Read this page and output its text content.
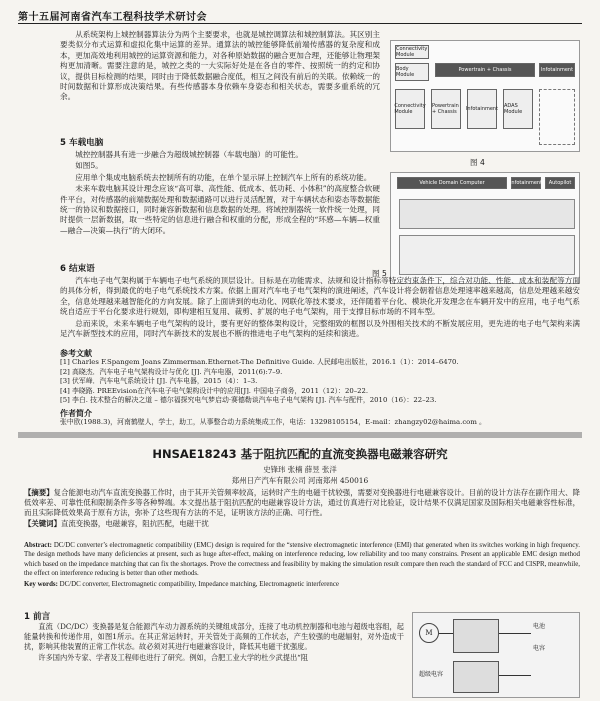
第十五届河南省汽车工程科技学术研讨会

从系统架构上城控制器算法分为两个主要要求，也就是城控调算法和城控制算法。其区别主要类似分布式运算和虚拟化集中运算的差异。通算法的城控能够降低前端传感器的复杂度和成本，更加高效地利用城控的运算资源和能力，对各种原始数据的融合更加合理，还能够让物理架构更加清晰。需要注意的是，城控之类的一大实际好处是在各自的零件、按照统一的约定和协议，提供目标检测的结果，同时由于降低数据融合度低，相互之间没有前后的关联。依赖统一的时间数据和计算形成决策结果。有些传感器本身依赖车身姿态和相关状态，需要多重系统的冗余。

5 车载电脑

城控控制器具有进一步融合为超级城控制器（车载电脑）的可能性。

如图5。

应用单个集成电脑系统去控制所有的功能，在单个显示屏上控制汽车上所有的系统功能。

未来车载电脑其设计理念应该“高可靠、高性能、低成本、低功耗、小体积”的高度整合软硬件平台，对传感器的前端数据处理和数据通路可以进行灵活配置，对于车辆状态和姿态等数据能统一的协议和数据接口，同时兼容新数据和信息数据的处理。将域控制器统一软件统一处理，同时提供一层新数据，取一些特定的信息进行融合和权重的分配，形成全程的“环感—车辆—权重—融合—决策—执行”的大闭环。

6 结束语
Connectivity Module
Body Module
Powertrain + Chassis	Infotainment
Connectivity Module
Powertrain + Chassis	Infotainment ADAS Module
图 4
Vehicle Domain Computer	Infotainment	Autopilot
图 5

汽车电子电气架构属于车辆电子电气系统的顶层设计。目标是在功能需求、法规和设计指标等特定约束条件下，综合对功能、性能、成本和装配等方面的具体分析，得到最优的电子电气系统技术方案。依据上面对汽车电子电气架构的演进阐述，汽车设计将会朝着信息处理速率越来越高，信息处理越来越安全，信息处理越来越智能化的方向发展。除了上面讲到的电动化、网联化等技术要求，还伴随着平台化、模块化开发理念在车辆开发中的应用，电子电气系统自适应于平台化要求进行规划，即构建相互复用、裁剪、扩展的电子电气架构，用于支撑目标市场的不同车型。

总而来说，未来车辆电子电气架构的设计，要有更好的整体架构设计，完整细致的框图以及外围相关技术的不断发展应用，更先进的电子电气架构来满足汽车新型技术的应用，同时汽车新技术的发展也不断的推进电子电气架构的延续和演进。

参考文献
[1] Charles F.Spangem Joans Zimmerman.Ethernet-The Definitive Guide. 人民邮电出版社，2016.1（1）：2014–6470.
[2] 高晓杰．汽车电子电气架构设计与优化 [J]. 汽车电器，2011(6):7–9.
[3] 伏军峰．汽车电气系统设计 [J]. 汽车电器，2015（4）：1–3.
[4] 李晓路. PREEvision在汽车电子电气架构设计中的应用[J]. 中国电子商务，2011（12）：20–22.
[5] 李白. 技术整合的解决之道 – 德尔福探究电气梦启动·赛德勒谈汽车电子电气架构 [J]. 汽车与配件，2010（16）：22–23.
作者简介
张中欧(1988.3)，河南鹤壁人，学士，助工，从事整合动力系统集成工作，电话：13298105154，E-mail：zhangzy02@haima.com 。
HNSAE18243 基于阻抗匹配的直流变换器电磁兼容研究
史锋玮 张楠 薛昱 张洋
郑州日产汽车有限公司 河南郑州 450016

【摘要】复合能源电动汽车直流变换器工作时，由于其开关管频率较高，运转时产生的电磁干扰较强，需要对变换器进行电磁兼容设计。目前的设计方法存在副作用大、降低效率差、可靠性低和限制条件多等各种弊端。本文提出基于阻抗匹配的电磁兼容设计方法，通过仿真进行对比验证，设计结果不仅满足国家及国际相关电磁兼容性标准，而且实际降低效果高于原有方法，弥补了这些现有方法的不足，证明该方法的正确、可行性。

【关键词】直流变换器，电磁兼容，阻抗匹配，电磁干扰

Abstract: DC/DC converter’s electromagnetic compatibility (EMC) design is required for the “stensive electromagnetic interference (EMI) that generated when its switches working in high frequency. The design methods have many deficiencies at present, such as huge after-effect, making on interference reducing, low reliability and too many constrains. Present an applicable EMC design method which based on the impedance matching that can fix the shortages. Prove the correctness and feasibility by making the simulation result compare then reach the standard of FCC and CISPR, meanwhile, the effect on interference reducing is better than other methods.

Key words: DC/DC converter, Electromagnetic compatibility, Impedance matching, Electromagnetic interference

1 前言

直流（DC/DC）变换器是复合能源汽车动力源系统的关键组成部分，连接了电动机控制器和电池与超级电容组，起能量转换和传递作用，如图1所示。在其正常运转时，开关管处于高频的工作状态，产生较强的电磁辐射，对外造成干扰，影响其他装置的正常工作状态。故必须对其进行电磁兼容设计，降低其电磁干扰强度。

许多国内外专家、学者及工程师也进行了研究。例如，合肥工业大学的杜少武提出“阻

M
电池
电容
超级电容
